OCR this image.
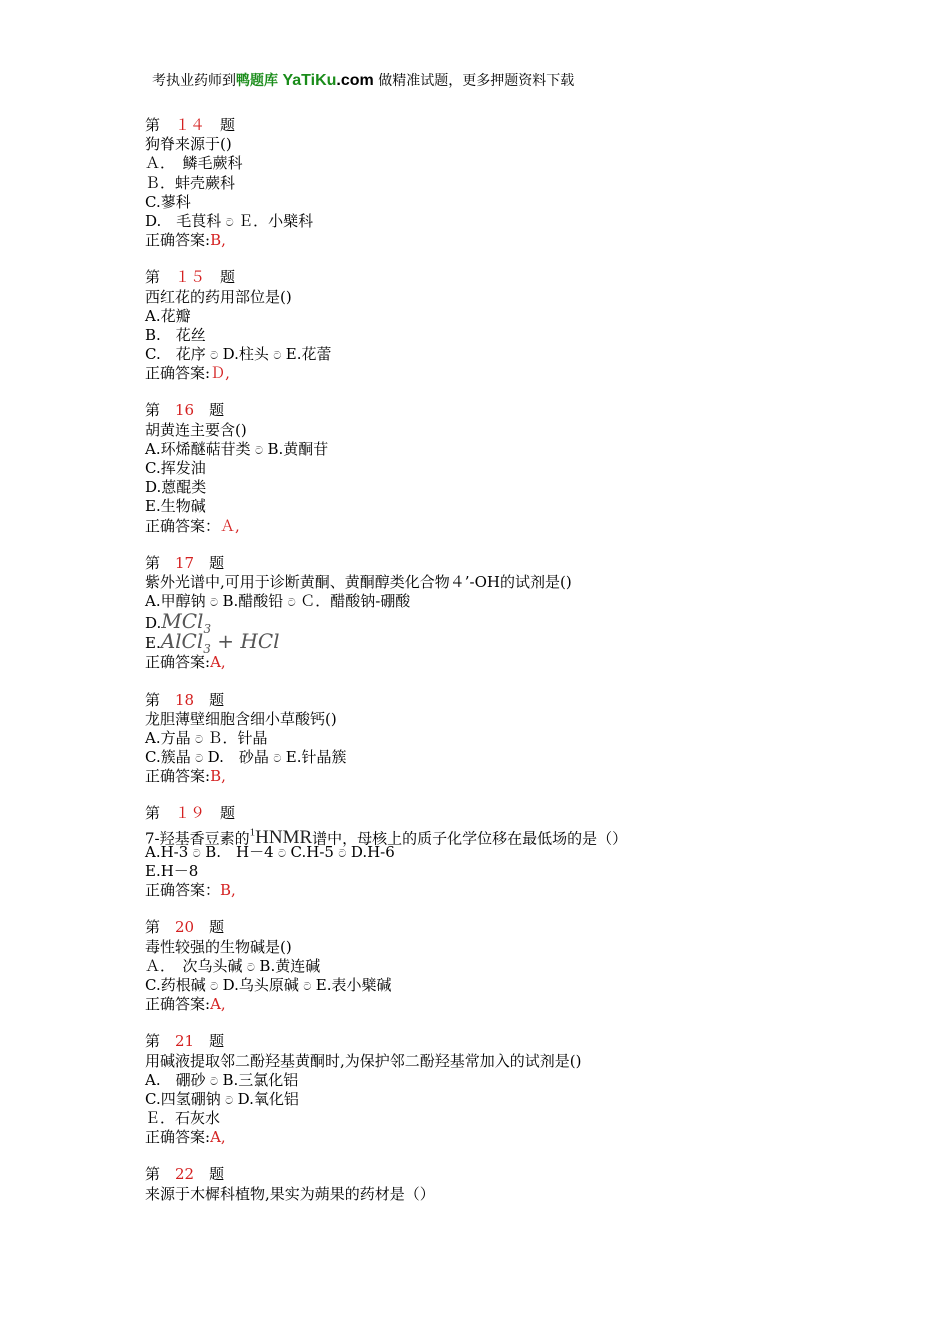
考执业药师到鸭题库 YaTiKu.com 做精准试题，更多押题资料下载
第　１４　题
狗脊来源于()
Ａ．　鳞毛蕨科
Ｂ．蚌壳蕨科
C.蓼科
D.　毛茛科 ට Ｅ．小檗科
正确答案:B,
第　１５　题
西红花的药用部位是()
A.花瓣
B.　花丝
C.　花序 ට D.柱头 ට E.花蕾
正确答案:Ｄ,
第　16　题
胡黄连主要含()
A.环烯醚萜苷类 ට B.黄酮苷
C.挥发油
D.蒽醌类
E.生物碱
正确答案：Ａ,
第　17　题
紫外光谱中,可用于诊断黄酮、黄酮醇类化合物４’-OH的试剂是()
A.甲醇钠 ට B.醋酸铅 ට Ｃ．醋酸钠-硼酸
D.MCl$_3$
E.AlCl$_3$ + HCl
正确答案:A,
第　18　题
龙胆薄壁细胞含细小草酸钙()
A.方晶 ට Ｂ．针晶
C.簇晶 ට D.　砂晶 ට E.针晶簇
正确答案:B,
第　１９　题
7-羟基香豆素的$^1$HNMR谱中，母核上的质子化学位移在最低场的是（）
A.H-3 ට B.　H－4 ට C.H-5 ට D.H-6
E.H－8
正确答案：B,
第　20　题
毒性较强的生物碱是()
Ａ．　次乌头碱 ට B.黄连碱
C.药根碱 ට D.乌头原碱 ට E.表小檗碱
正确答案:A,
第　21　题
用碱液提取邻二酚羟基黄酮时,为保护邻二酚羟基常加入的试剂是()
A.　硼砂 ට B.三氯化铝
C.四氢硼钠 ට D.氧化铝
Ｅ．石灰水
正确答案:A,
第　22　题
来源于木樨科植物,果实为蒴果的药材是（）
